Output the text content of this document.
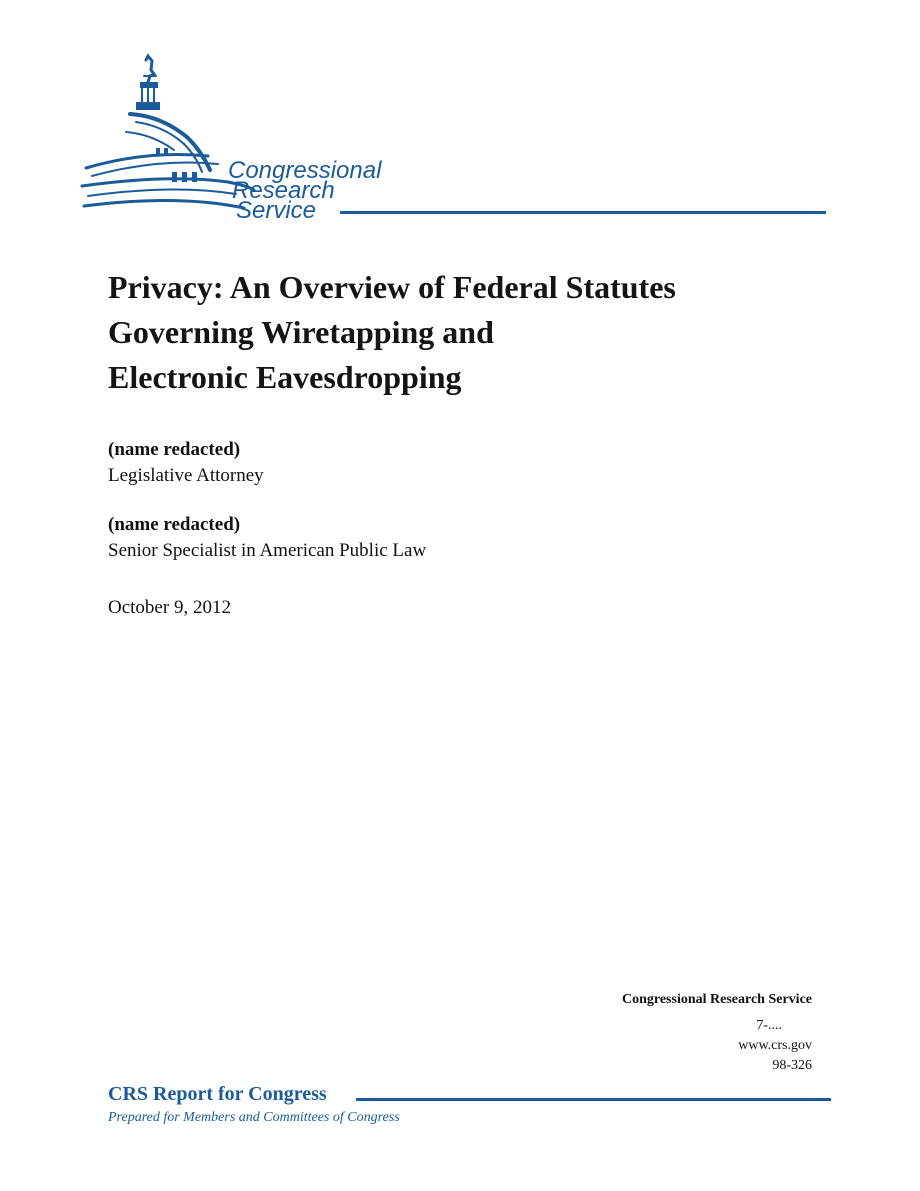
Congressional
Research
Service
Privacy: An Overview of Federal Statutes
Governing Wiretapping and
Electronic Eavesdropping
(name redacted)
Legislative Attorney
(name redacted)
Senior Specialist in American Public Law
October 9, 2012
Congressional Research Service
7-....
www.crs.gov
98-326
CRS Report for Congress
Prepared for Members and Committees of Congress
